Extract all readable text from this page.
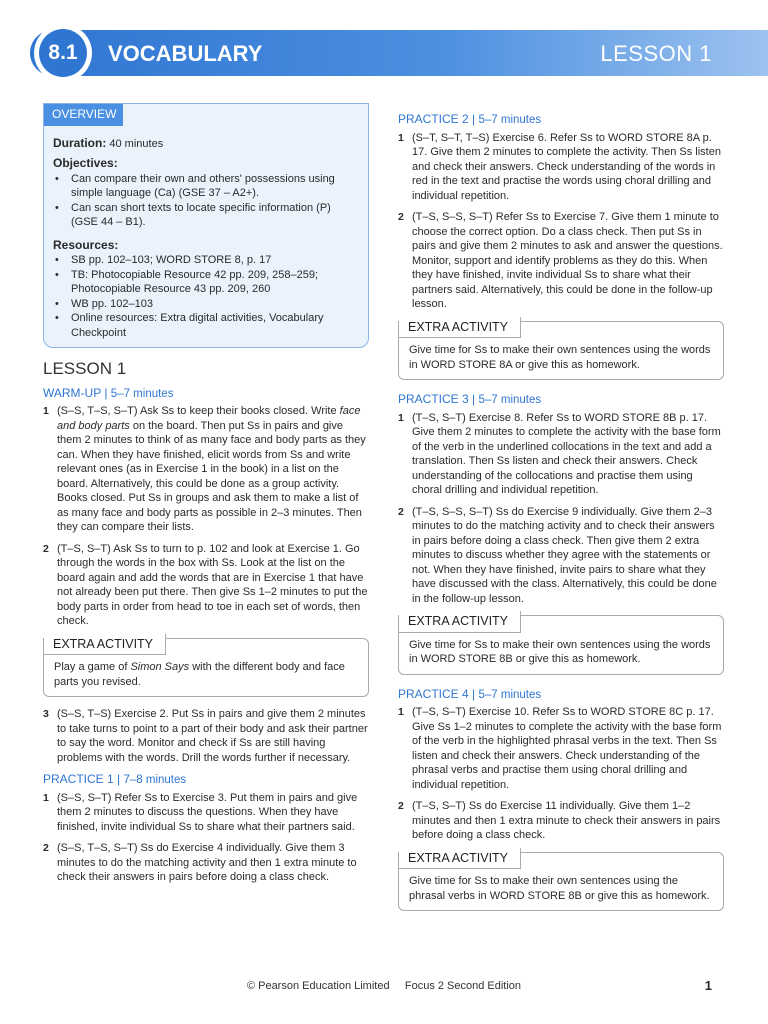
8.1	VOCABULARY	LESSON 1
OVERVIEW
Duration: 40 minutes
Objectives:
• Can compare their own and others' possessions using simple language (Ca) (GSE 37 – A2+).
• Can scan short texts to locate specific information (P) (GSE 44 – B1).
Resources:
• SB pp. 102–103; WORD STORE 8, p. 17
• TB: Photocopiable Resource 42 pp. 209, 258–259; Photocopiable Resource 43 pp. 209, 260
• WB pp. 102–103
• Online resources: Extra digital activities, Vocabulary Checkpoint
LESSON 1
WARM-UP | 5–7 minutes
1 (S–S, T–S, S–T) Ask Ss to keep their books closed. Write face and body parts on the board. Then put Ss in pairs and give them 2 minutes to think of as many face and body parts as they can. When they have finished, elicit words from Ss and write relevant ones (as in Exercise 1 in the book) in a list on the board. Alternatively, this could be done as a group activity. Books closed. Put Ss in groups and ask them to make a list of as many face and body parts as possible in 2–3 minutes. Then they can compare their lists.
2 (T–S, S–T) Ask Ss to turn to p. 102 and look at Exercise 1. Go through the words in the box with Ss. Look at the list on the board again and add the words that are in Exercise 1 that have not already been put there. Then give Ss 1–2 minutes to put the body parts in order from head to toe in each set of words, then check.
EXTRA ACTIVITY
Play a game of Simon Says with the different body and face parts you revised.
3 (S–S, T–S) Exercise 2. Put Ss in pairs and give them 2 minutes to take turns to point to a part of their body and ask their partner to say the word. Monitor and check if Ss are still having problems with the words. Drill the words further if necessary.
PRACTICE 1 | 7–8 minutes
1 (S–S, S–T) Refer Ss to Exercise 3. Put them in pairs and give them 2 minutes to discuss the questions. When they have finished, invite individual Ss to share what their partners said.
2 (S–S, T–S, S–T) Ss do Exercise 4 individually. Give them 3 minutes to do the matching activity and then 1 extra minute to check their answers in pairs before doing a class check.
PRACTICE 2 | 5–7 minutes
1 (S–T, S–T, T–S) Exercise 6. Refer Ss to WORD STORE 8A p. 17. Give them 2 minutes to complete the activity. Then Ss listen and check their answers. Check understanding of the words in red in the text and practise the words using choral drilling and individual repetition.
2 (T–S, S–S, S–T) Refer Ss to Exercise 7. Give them 1 minute to choose the correct option. Do a class check. Then put Ss in pairs and give them 2 minutes to ask and answer the questions. Monitor, support and identify problems as they do this. When they have finished, invite individual Ss to share what their partners said. Alternatively, this could be done in the follow-up lesson.
EXTRA ACTIVITY
Give time for Ss to make their own sentences using the words in WORD STORE 8A or give this as homework.
PRACTICE 3 | 5–7 minutes
1 (T–S, S–T) Exercise 8. Refer Ss to WORD STORE 8B p. 17. Give them 2 minutes to complete the activity with the base form of the verb in the underlined collocations in the text and add a translation. Then Ss listen and check their answers. Check understanding of the collocations and practise them using choral drilling and individual repetition.
2 (T–S, S–S, S–T) Ss do Exercise 9 individually. Give them 2–3 minutes to do the matching activity and to check their answers in pairs before doing a class check. Then give them 2 extra minutes to discuss whether they agree with the statements or not. When they have finished, invite pairs to share what they have discussed with the class. Alternatively, this could be done in the follow-up lesson.
EXTRA ACTIVITY
Give time for Ss to make their own sentences using the words in WORD STORE 8B or give this as homework.
PRACTICE 4 | 5–7 minutes
1 (T–S, S–T) Exercise 10. Refer Ss to WORD STORE 8C p. 17. Give Ss 1–2 minutes to complete the activity with the base form of the verb in the highlighted phrasal verbs in the text. Then Ss listen and check their answers. Check understanding of the phrasal verbs and practise them using choral drilling and individual repetition.
2 (T–S, S–T) Ss do Exercise 11 individually. Give them 1–2 minutes and then 1 extra minute to check their answers in pairs before doing a class check.
EXTRA ACTIVITY
Give time for Ss to make their own sentences using the phrasal verbs in WORD STORE 8B or give this as homework.
© Pearson Education Limited     Focus 2 Second Edition	1
